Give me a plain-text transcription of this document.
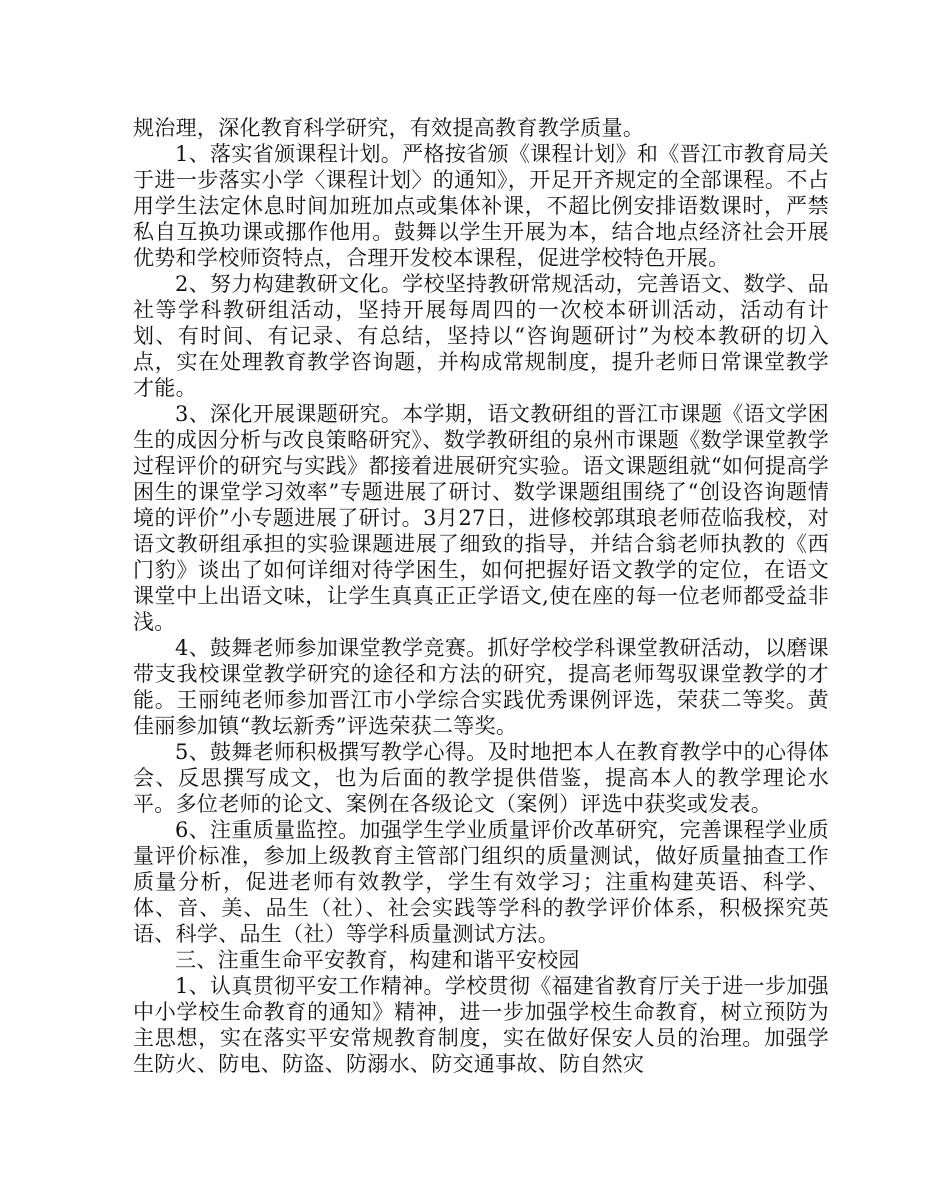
规治理，深化教育科学研究，有效提高教育教学质量。

1、落实省颁课程计划。严格按省颁《课程计划》和《晋江市教育局关于进一步落实小学〈课程计划〉的通知》，开足开齐规定的全部课程。不占用学生法定休息时间加班加点或集体补课，不超比例安排语数课时，严禁私自互换功课或挪作他用。鼓舞以学生开展为本，结合地点经济社会开展优势和学校师资特点，合理开发校本课程，促进学校特色开展。

2、努力构建教研文化。学校坚持教研常规活动，完善语文、数学、品社等学科教研组活动，坚持开展每周四的一次校本研训活动，活动有计划、有时间、有记录、有总结，坚持以“咨询题研讨”为校本教研的切入点，实在处理教育教学咨询题，并构成常规制度，提升老师日常课堂教学才能。

3、深化开展课题研究。本学期，语文教研组的晋江市课题《语文学困生的成因分析与改良策略研究》、数学教研组的泉州市课题《数学课堂教学过程评价的研究与实践》都接着进展研究实验。语文课题组就“如何提高学困生的课堂学习效率”专题进展了研讨、数学课题组围绕了“创设咨询题情境的评价”小专题进展了研讨。3月27日，进修校郭琪琅老师莅临我校，对语文教研组承担的实验课题进展了细致的指导，并结合翁老师执教的《西门豹》谈出了如何详细对待学困生，如何把握好语文教学的定位，在语文课堂中上出语文味，让学生真真正正学语文,使在座的每一位老师都受益非浅。

4、鼓舞老师参加课堂教学竞赛。抓好学校学科课堂教研活动，以磨课带支我校课堂教学研究的途径和方法的研究，提高老师驾驭课堂教学的才能。王丽纯老师参加晋江市小学综合实践优秀课例评选，荣获二等奖。黄佳丽参加镇“教坛新秀”评选荣获二等奖。

5、鼓舞老师积极撰写教学心得。及时地把本人在教育教学中的心得体会、反思撰写成文，也为后面的教学提供借鉴，提高本人的教学理论水平。多位老师的论文、案例在各级论文（案例）评选中获奖或发表。

6、注重质量监控。加强学生学业质量评价改革研究，完善课程学业质量评价标准，参加上级教育主管部门组织的质量测试，做好质量抽查工作质量分析，促进老师有效教学，学生有效学习；注重构建英语、科学、体、音、美、品生（社）、社会实践等学科的教学评价体系，积极探究英语、科学、品生（社）等学科质量测试方法。

三、注重生命平安教育，构建和谐平安校园

1、认真贯彻平安工作精神。学校贯彻《福建省教育厅关于进一步加强中小学校生命教育的通知》精神，进一步加强学校生命教育，树立预防为主思想，实在落实平安常规教育制度，实在做好保安人员的治理。加强学生防火、防电、防盗、防溺水、防交通事故、防自然灾
